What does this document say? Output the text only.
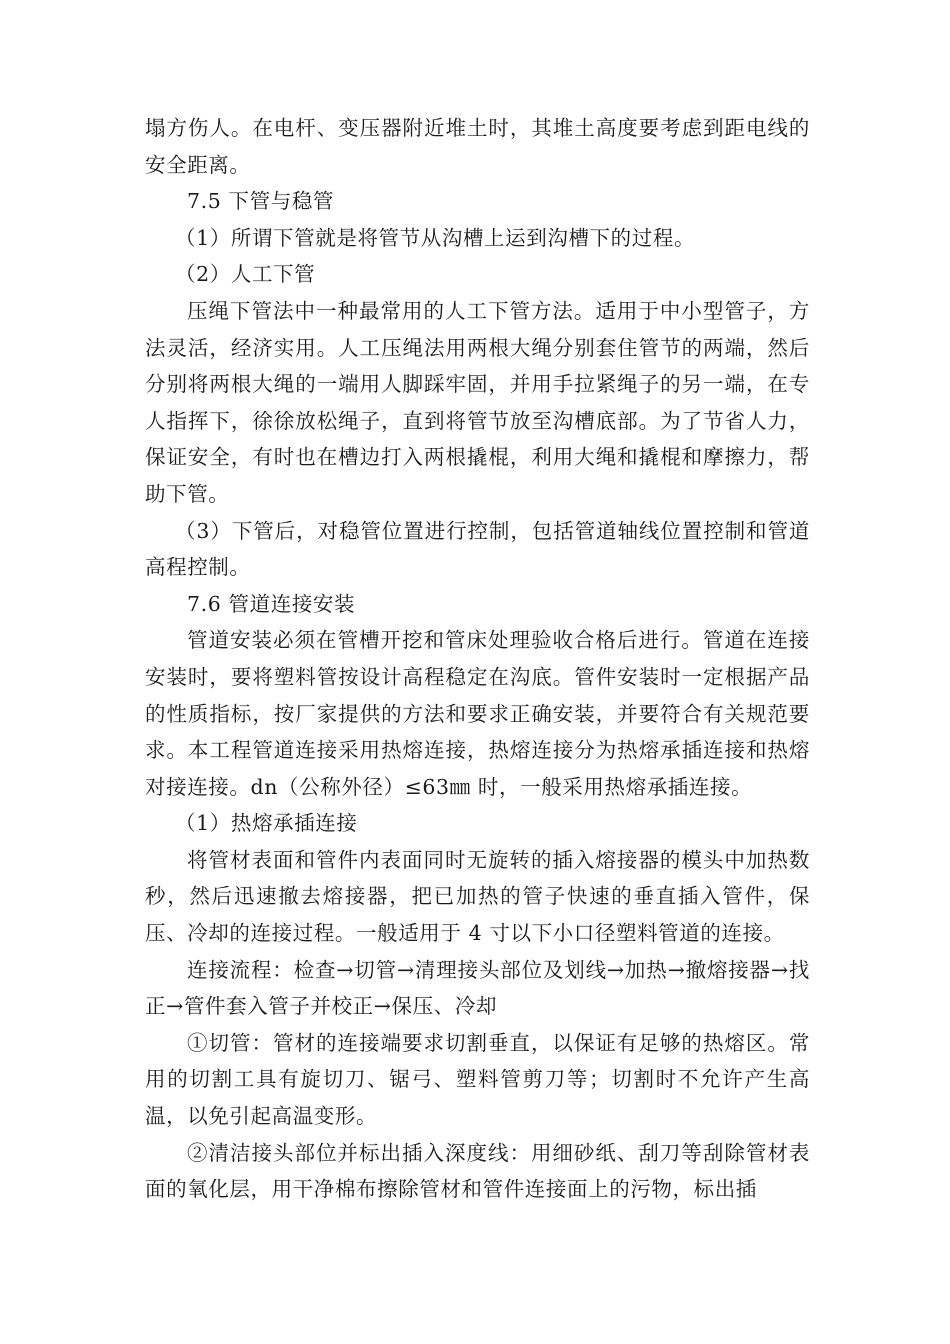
塌方伤人。在电杆、变压器附近堆土时，其堆土高度要考虑到距电线的安全距离。

7.5 下管与稳管

（1）所谓下管就是将管节从沟槽上运到沟槽下的过程。

（2）人工下管

压绳下管法中一种最常用的人工下管方法。适用于中小型管子，方法灵活，经济实用。人工压绳法用两根大绳分别套住管节的两端，然后分别将两根大绳的一端用人脚踩牢固，并用手拉紧绳子的另一端，在专人指挥下，徐徐放松绳子，直到将管节放至沟槽底部。为了节省人力，保证安全，有时也在槽边打入两根撬棍，利用大绳和撬棍和摩擦力，帮助下管。

（3）下管后，对稳管位置进行控制，包括管道轴线位置控制和管道高程控制。

7.6 管道连接安装

管道安装必须在管槽开挖和管床处理验收合格后进行。管道在连接安装时，要将塑料管按设计高程稳定在沟底。管件安装时一定根据产品的性质指标，按厂家提供的方法和要求正确安装，并要符合有关规范要求。本工程管道连接采用热熔连接，热熔连接分为热熔承插连接和热熔对接连接。dn（公称外径）≤63㎜ 时，一般采用热熔承插连接。

（1）热熔承插连接

将管材表面和管件内表面同时无旋转的插入熔接器的模头中加热数秒，然后迅速撤去熔接器，把已加热的管子快速的垂直插入管件，保压、冷却的连接过程。一般适用于 4 寸以下小口径塑料管道的连接。

连接流程：检查→切管→清理接头部位及划线→加热→撤熔接器→找正→管件套入管子并校正→保压、冷却

①切管：管材的连接端要求切割垂直，以保证有足够的热熔区。常用的切割工具有旋切刀、锯弓、塑料管剪刀等；切割时不允许产生高温，以免引起高温变形。

②清洁接头部位并标出插入深度线：用细砂纸、刮刀等刮除管材表面的氧化层，用干净棉布擦除管材和管件连接面上的污物，标出插
